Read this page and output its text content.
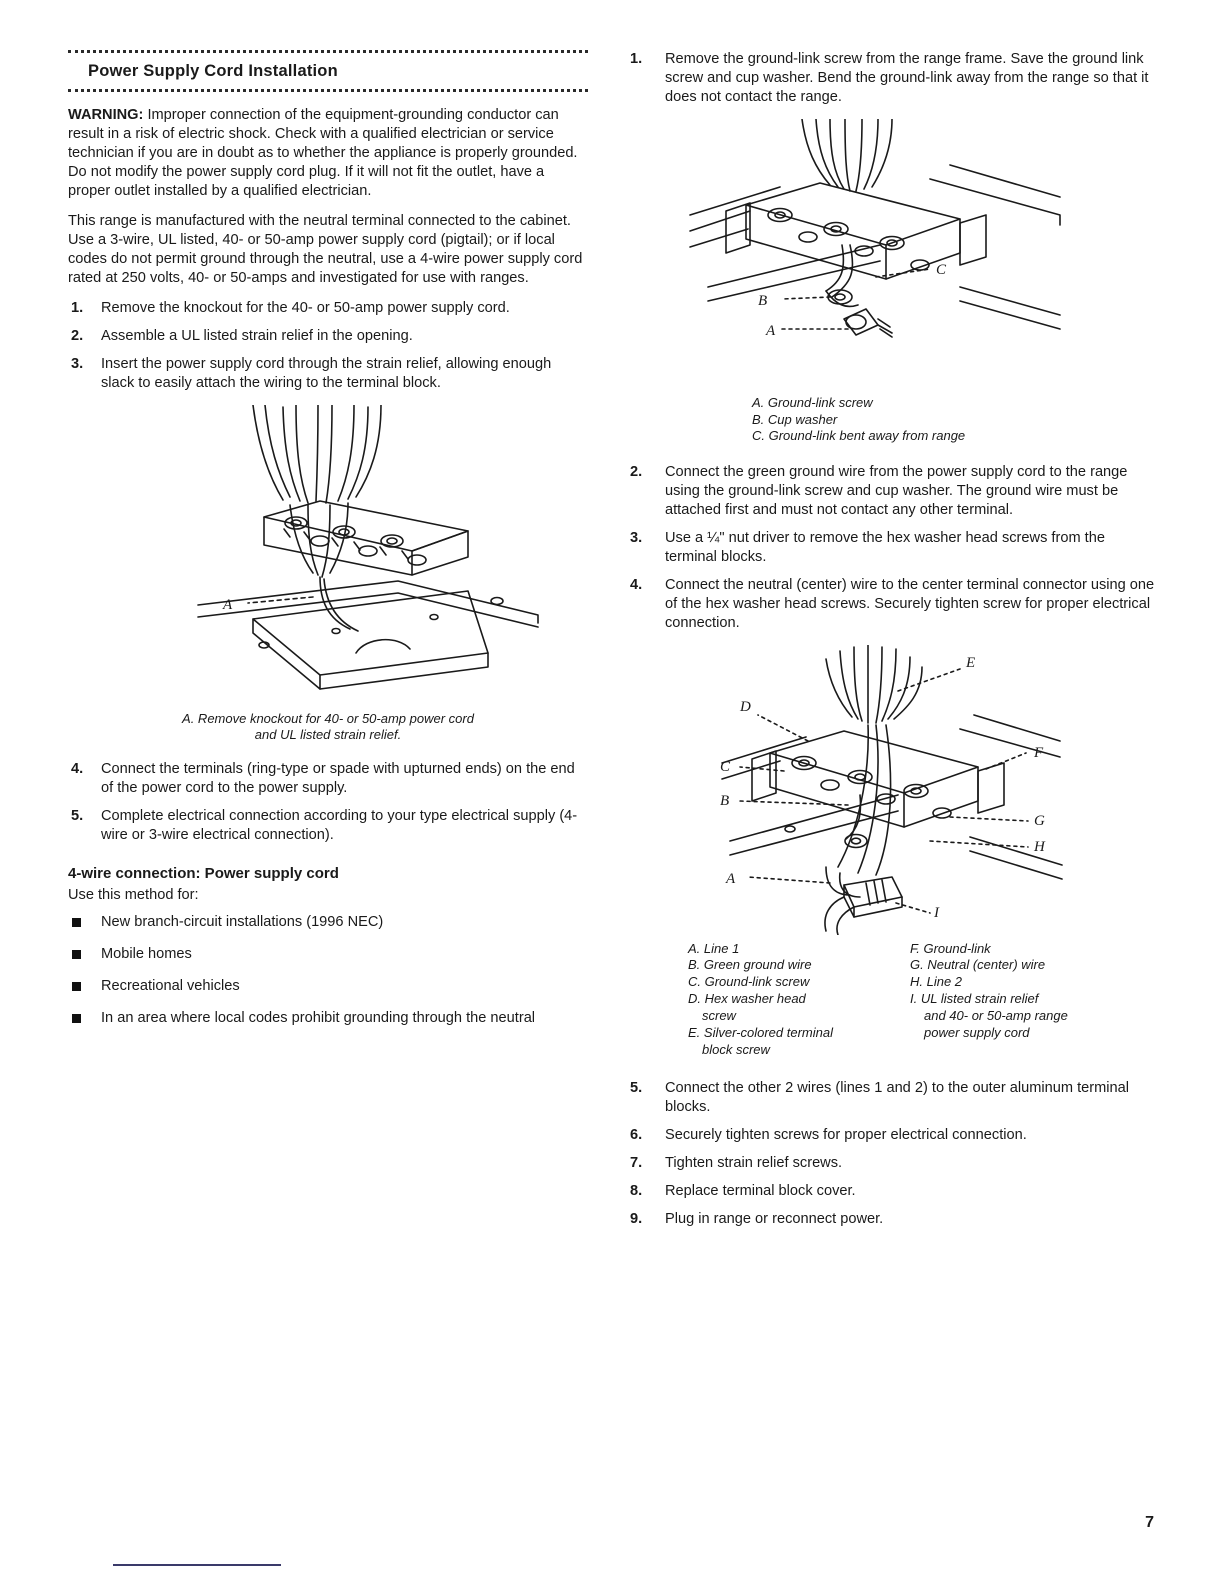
Power Supply Cord Installation

WARNING: Improper connection of the equipment-grounding conductor can result in a risk of electric shock. Check with a qualified electrician or service technician if you are in doubt as to whether the appliance is properly grounded. Do not modify the power supply cord plug. If it will not fit the outlet, have a proper outlet installed by a qualified electrician.

This range is manufactured with the neutral terminal connected to the cabinet. Use a 3-wire, UL listed, 40- or 50-amp power supply cord (pigtail); or if local codes do not permit ground through the neutral, use a 4-wire power supply cord rated at 250 volts, 40- or 50-amps and investigated for use with ranges.

1. Remove the knockout for the 40- or 50-amp power supply cord.
2. Assemble a UL listed strain relief in the opening.
3. Insert the power supply cord through the strain relief, allowing enough slack to easily attach the wiring to the terminal block.
A
A. Remove knockout for 40- or 50-amp power cord
and UL listed strain relief.
4. Connect the terminals (ring-type or spade with upturned ends) on the end of the power cord to the power supply.
5. Complete electrical connection according to your type electrical supply (4-wire or 3-wire electrical connection).
4-wire connection: Power supply cord

Use this method for:

New branch-circuit installations (1996 NEC)
Mobile homes
Recreational vehicles
In an area where local codes prohibit grounding through the neutral
1. Remove the ground-link screw from the range frame. Save the ground link screw and cup washer. Bend the ground-link away from the range so that it does not contact the range.
C
B
A
A. Ground-link screw
B. Cup washer
C. Ground-link bent away from range
2. Connect the green ground wire from the power supply cord to the range using the ground-link screw and cup washer. The ground wire must be attached first and must not contact any other terminal.
3. Use a ¼" nut driver to remove the hex washer head screws from the terminal blocks.
4. Connect the neutral (center) wire to the center terminal connector using one of the hex washer head screws. Securely tighten screw for proper electrical connection.
E
D
F
C
B
G
H
A
I
A. Line 1
B. Green ground wire
C. Ground-link screw
D. Hex washer head
screw
E. Silver-colored terminal
block screw
F. Ground-link
G. Neutral (center) wire
H. Line 2
I. UL listed strain relief
and 40- or 50-amp range power supply cord
5. Connect the other 2 wires (lines 1 and 2) to the outer aluminum terminal blocks.
6. Securely tighten screws for proper electrical connection.
7. Tighten strain relief screws.
8. Replace terminal block cover.
9. Plug in range or reconnect power.
7
